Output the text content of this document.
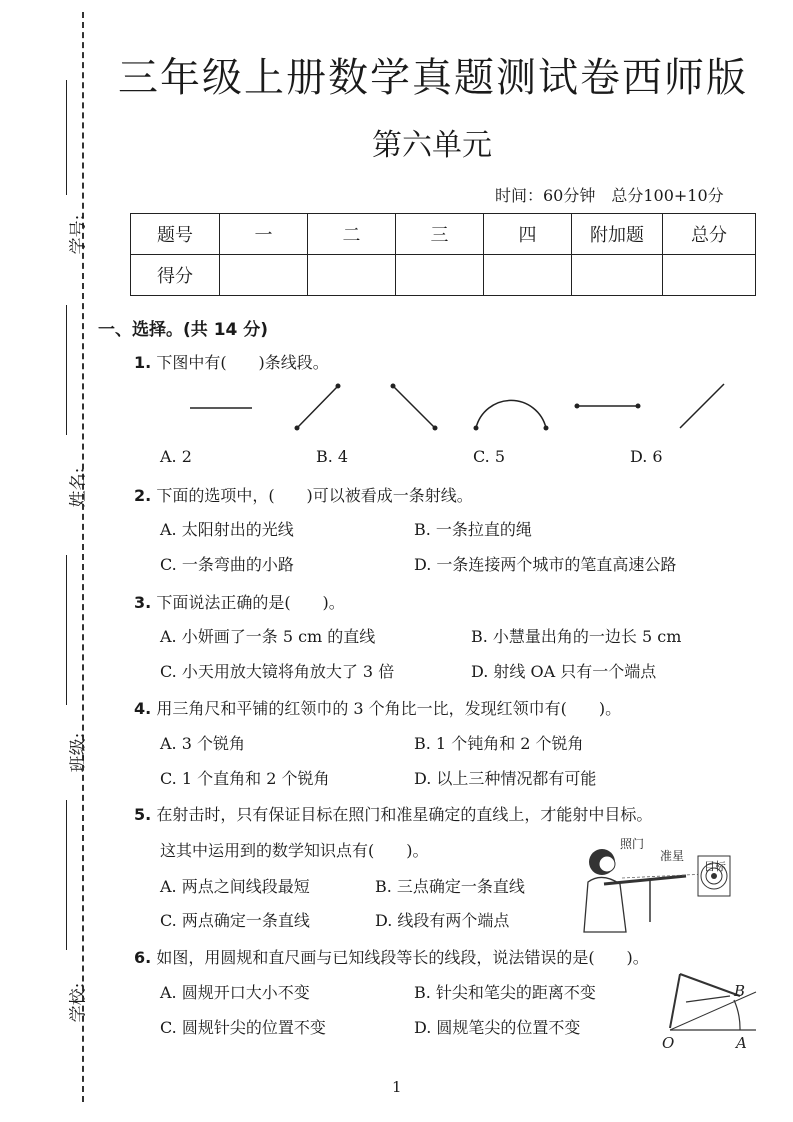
学号:
姓名:
班级:
学校:
三年级上册数学真题测试卷西师版
第六单元
时间：60分钟　总分100+10分
题号	一	二	三	四	附加题	总分
得分						
一、选择。(共 14 分)
1. 下图中有(　　)条线段。
A. 2	B. 4	C. 5	D. 6
2. 下面的选项中，(　　)可以被看成一条射线。
A. 太阳射出的光线	B. 一条拉直的绳
C. 一条弯曲的小路	D. 一条连接两个城市的笔直高速公路
3. 下面说法正确的是(　　)。
A. 小妍画了一条 5 cm 的直线	B. 小慧量出角的一边长 5 cm
C. 小天用放大镜将角放大了 3 倍	D. 射线 OA 只有一个端点
4. 用三角尺和平铺的红领巾的 3 个角比一比，发现红领巾有(　　)。
A. 3 个锐角	B. 1 个钝角和 2 个锐角
C. 1 个直角和 2 个锐角	D. 以上三种情况都有可能
5. 在射击时，只有保证目标在照门和准星确定的直线上，才能射中目标。
这其中运用到的数学知识点有(　　)。
A. 两点之间线段最短	B. 三点确定一条直线
C. 两点确定一条直线	D. 线段有两个端点
照门
准星
目标
6. 如图，用圆规和直尺画与已知线段等长的线段，说法错误的是(　　)。
A. 圆规开口大小不变	B. 针尖和笔尖的距离不变
C. 圆规针尖的位置不变	D. 圆规笔尖的位置不变
B
O	A
1
